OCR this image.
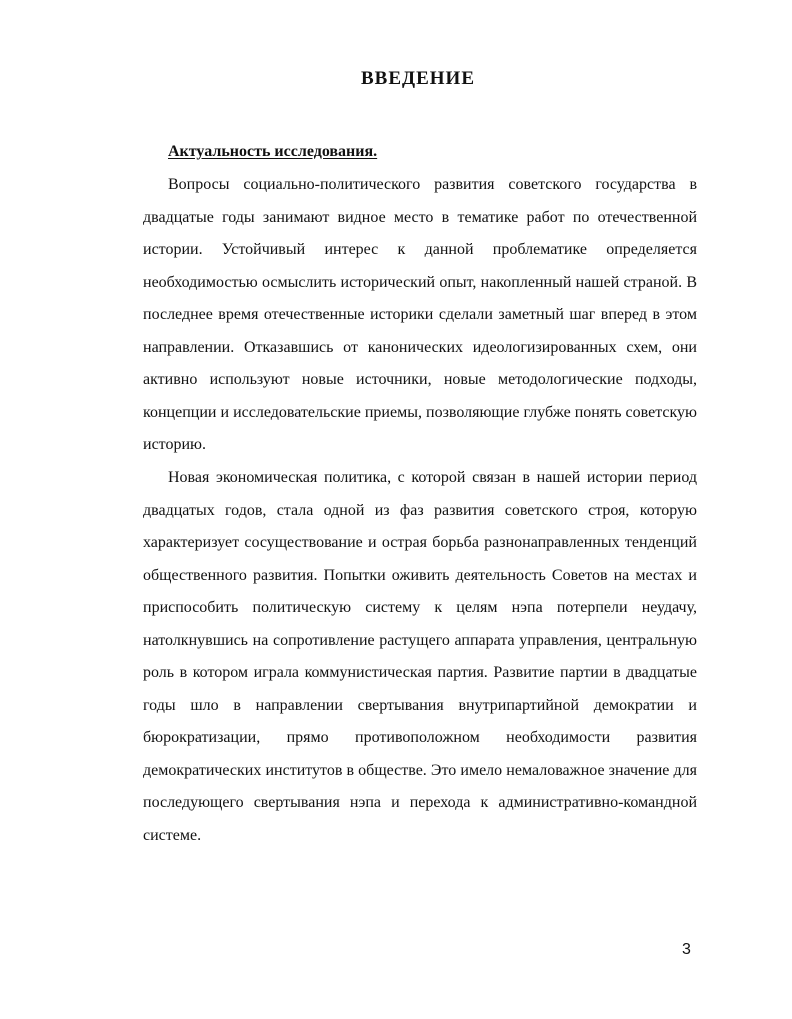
ВВЕДЕНИЕ
Актуальность исследования.

Вопросы социально-политического развития советского государства в двадцатые годы занимают видное место в тематике работ по отечественной истории. Устойчивый интерес к данной проблематике определяется необходимостью осмыслить исторический опыт, накопленный нашей страной. В последнее время отечественные историки сделали заметный шаг вперед в этом направлении. Отказавшись от канонических идеологизированных схем, они активно используют новые источники, новые методологические подходы, концепции и исследовательские приемы, позволяющие глубже понять советскую историю.

Новая экономическая политика, с которой связан в нашей истории период двадцатых годов, стала одной из фаз развития советского строя, которую характеризует сосуществование и острая борьба разнонаправленных тенденций общественного развития. Попытки оживить деятельность Советов на местах и приспособить политическую систему к целям нэпа потерпели неудачу, натолкнувшись на сопротивление растущего аппарата управления, центральную роль в котором играла коммунистическая партия. Развитие партии в двадцатые годы шло в направлении свертывания внутрипартийной демократии и бюрократизации, прямо противоположном необходимости развития демократических институтов в обществе. Это имело немаловажное значение для последующего свертывания нэпа и перехода к административно-командной системе.

3
